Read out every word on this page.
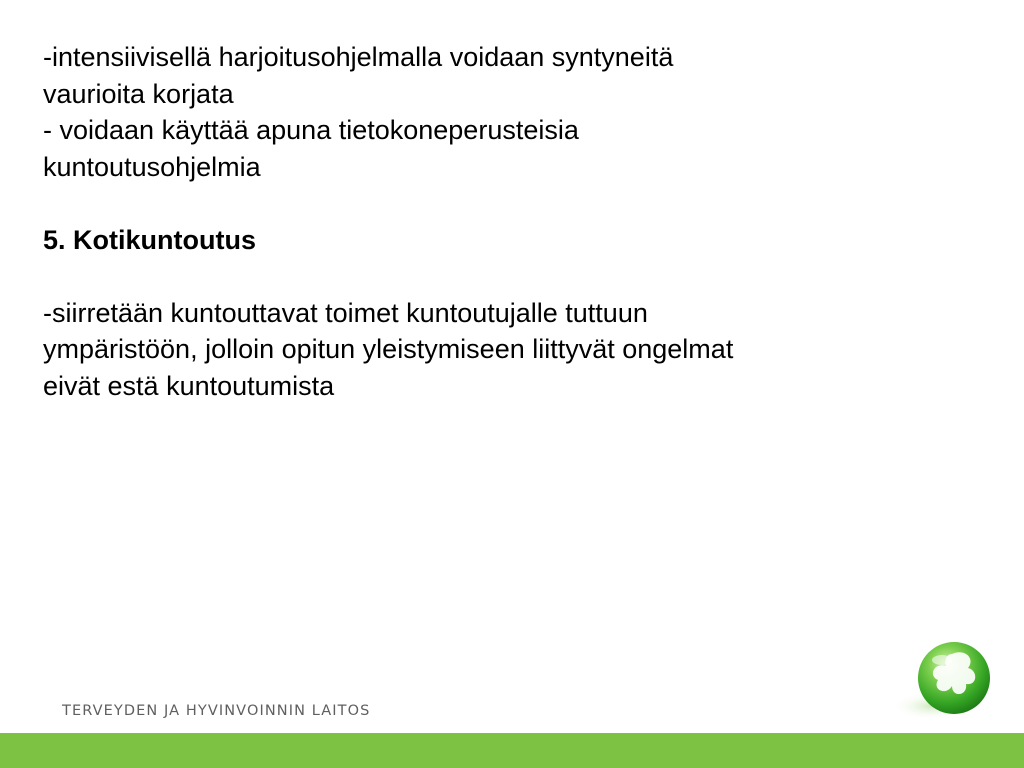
-intensiivisellä harjoitusohjelmalla voidaan syntyneitä

vaurioita korjata

- voidaan käyttää apuna tietokoneperusteisia

kuntoutusohjelmia

5. Kotikuntoutus

-siirretään kuntouttavat toimet kuntoutujalle tuttuun

ympäristöön, jolloin opitun yleistymiseen liittyvät ongelmat

eivät estä kuntoutumista

TERVEYDEN JA HYVINVOINNIN LAITOS
